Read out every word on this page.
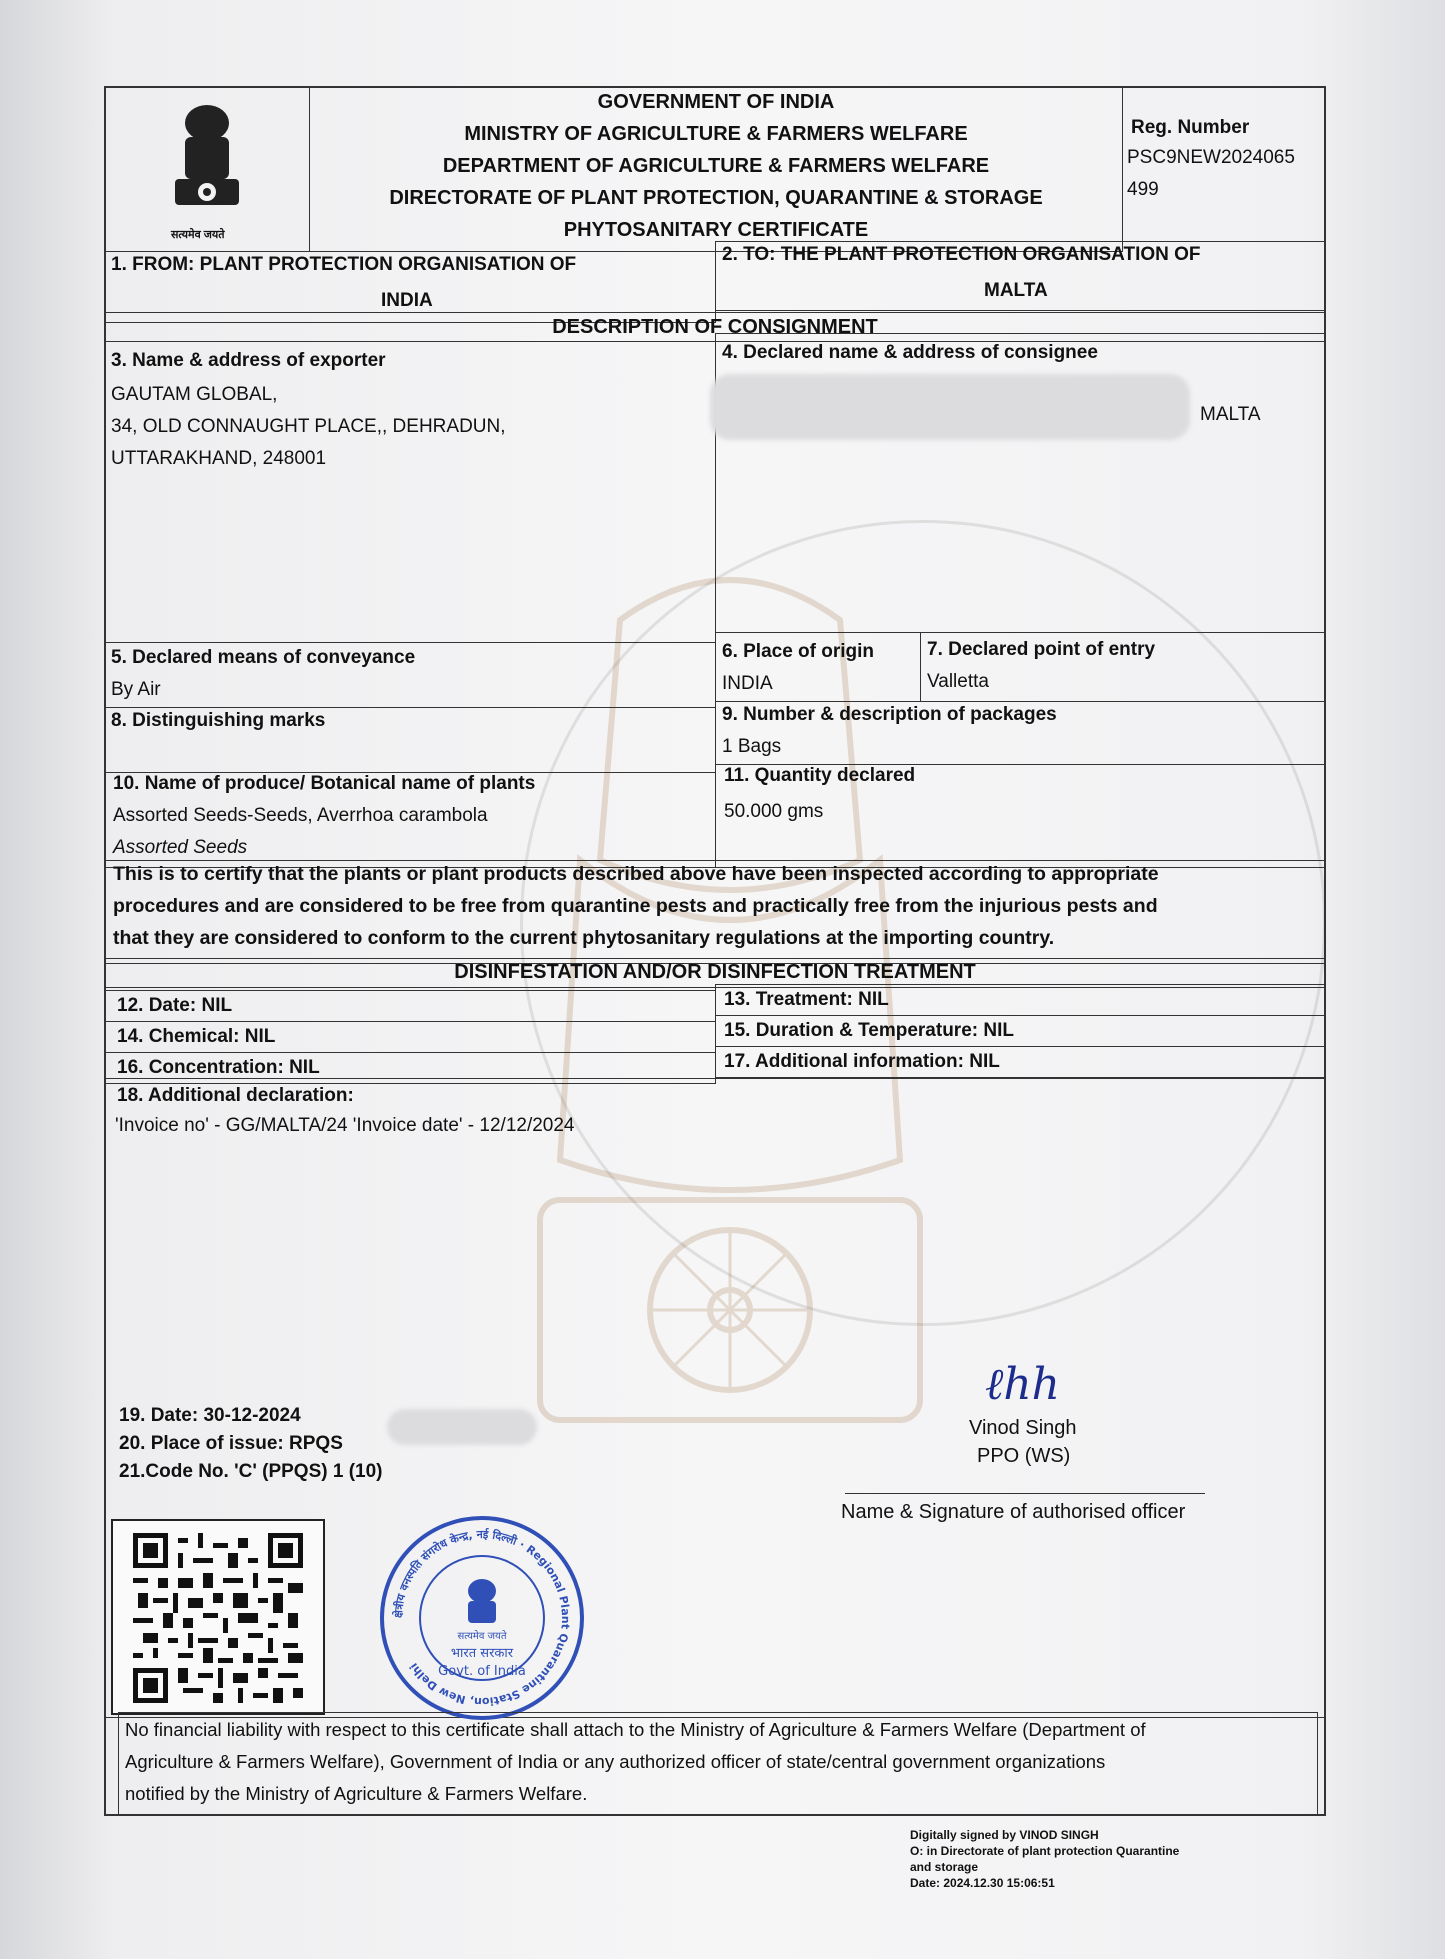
सत्यमेव जयते
GOVERNMENT OF INDIA
MINISTRY OF AGRICULTURE & FARMERS WELFARE
DEPARTMENT OF AGRICULTURE & FARMERS WELFARE
DIRECTORATE OF PLANT PROTECTION, QUARANTINE & STORAGE
PHYTOSANITARY CERTIFICATE
Reg. Number
PSC9NEW2024065
499
1. FROM: PLANT PROTECTION ORGANISATION OF
INDIA
2. TO: THE PLANT PROTECTION ORGANISATION OF
MALTA
DESCRIPTION OF CONSIGNMENT
3. Name & address of exporter
GAUTAM GLOBAL,
34, OLD CONNAUGHT PLACE,, DEHRADUN,
UTTARAKHAND, 248001
4. Declared name & address of consignee
MALTA
5. Declared means of conveyance
By Air
6. Place of origin
INDIA
7. Declared point of entry
Valletta
8. Distinguishing marks	9. Number & description of packages
1 Bags
10. Name of produce/ Botanical name of plants
Assorted Seeds-Seeds, Averrhoa carambola
Assorted Seeds
11. Quantity declared
50.000 gms
This is to certify that the plants or plant products described above have been inspected according to appropriate
procedures and are considered to be free from quarantine pests and practically free from the injurious pests and
that they are considered to conform to the current phytosanitary regulations at the importing country.
DISINFESTATION AND/OR DISINFECTION TREATMENT
12. Date: NIL	13. Treatment: NIL
14. Chemical: NIL	15. Duration & Temperature: NIL
16. Concentration: NIL	17. Additional information: NIL
18. Additional declaration:
'Invoice no' - GG/MALTA/24 'Invoice date' - 12/12/2024
19. Date: 30-12-2024
20. Place of issue: RPQS
21.Code No. 'C' (PPQS) 1 (10)
ℓhh
Vinod Singh
PPO (WS)
Name & Signature of authorised officer
क्षेत्रीय वनस्पति संगरोध केन्द्र, नई दिल्ली · Regional Plant Quarantine Station, New Delhi
सत्यमेव जयते
भारत सरकार
Govt. of India
No financial liability with respect to this certificate shall attach to the Ministry of Agriculture & Farmers Welfare (Department of
Agriculture & Farmers Welfare), Government of India or any authorized officer of state/central government organizations
notified by the Ministry of Agriculture & Farmers Welfare.
Digitally signed by VINOD SINGH
O: in Directorate of plant protection Quarantine
and storage
Date: 2024.12.30 15:06:51
